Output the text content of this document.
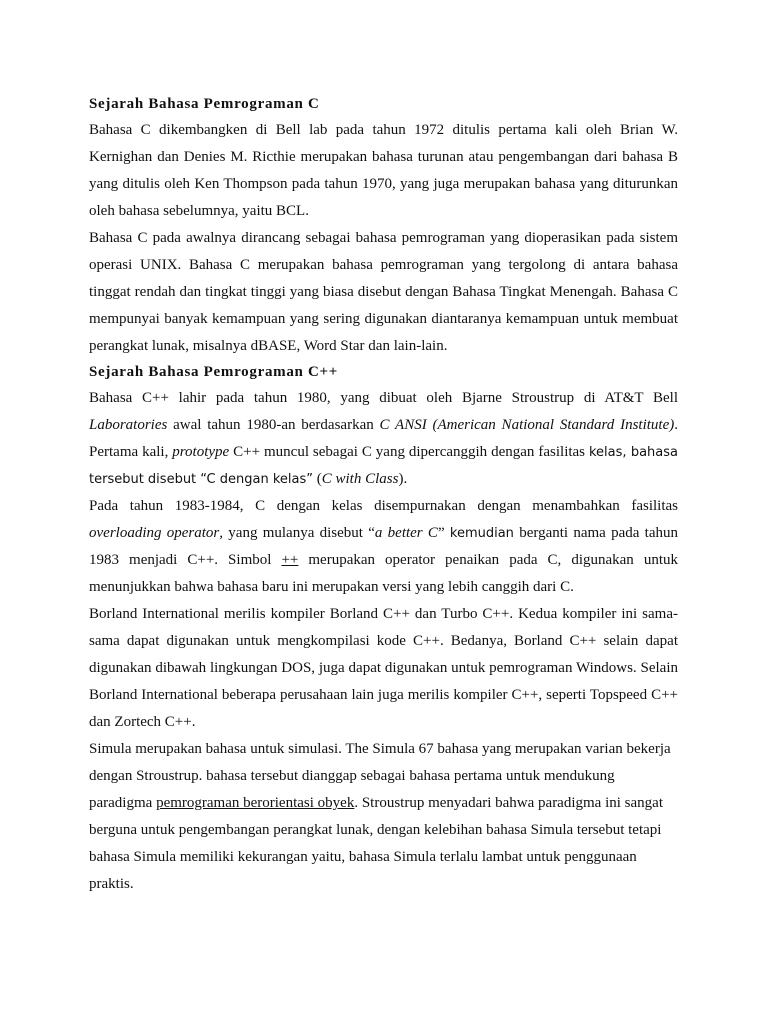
Sejarah Bahasa Pemrograman C

Bahasa C dikembangken di Bell lab pada tahun 1972 ditulis pertama kali oleh Brian W. Kernighan dan Denies M. Ricthie merupakan bahasa turunan atau pengembangan dari bahasa B yang ditulis oleh Ken Thompson pada tahun 1970, yang juga merupakan bahasa yang diturunkan oleh bahasa sebelumnya, yaitu BCL.

Bahasa C pada awalnya dirancang sebagai bahasa pemrograman yang dioperasikan pada sistem operasi UNIX. Bahasa C merupakan bahasa pemrograman yang tergolong di antara bahasa tinggat rendah dan tingkat tinggi yang biasa disebut dengan Bahasa Tingkat Menengah. Bahasa C mempunyai banyak kemampuan yang sering digunakan diantaranya kemampuan untuk membuat perangkat lunak, misalnya dBASE, Word Star dan lain-lain.

Sejarah Bahasa Pemrograman C++

Bahasa C++ lahir pada tahun 1980, yang dibuat oleh Bjarne Stroustrup di AT&T Bell Laboratories awal tahun 1980-an berdasarkan C ANSI (American National Standard Institute). Pertama kali, prototype C++ muncul sebagai C yang dipercanggih dengan fasilitas kelas, bahasa tersebut disebut “C dengan kelas” (C with Class).

Pada tahun 1983-1984, C dengan kelas disempurnakan dengan menambahkan fasilitas overloading operator, yang mulanya disebut “a better C” kemudian berganti nama pada tahun 1983 menjadi C++. Simbol ++ merupakan operator penaikan pada C, digunakan untuk menunjukkan bahwa bahasa baru ini merupakan versi yang lebih canggih dari C.

Borland International merilis kompiler Borland C++ dan Turbo C++. Kedua kompiler ini sama-sama dapat digunakan untuk mengkompilasi kode C++. Bedanya, Borland C++ selain dapat digunakan dibawah lingkungan DOS, juga dapat digunakan untuk pemrograman Windows. Selain Borland International beberapa perusahaan lain juga merilis kompiler C++, seperti Topspeed C++ dan Zortech C++.

Simula merupakan bahasa untuk simulasi. The Simula 67 bahasa yang merupakan varian bekerja dengan Stroustrup. bahasa tersebut dianggap sebagai bahasa pertama untuk mendukung paradigma pemrograman berorientasi obyek. Stroustrup menyadari bahwa paradigma ini sangat berguna untuk pengembangan perangkat lunak, dengan kelebihan bahasa Simula tersebut tetapi bahasa Simula memiliki kekurangan yaitu, bahasa Simula terlalu lambat untuk penggunaan praktis.
